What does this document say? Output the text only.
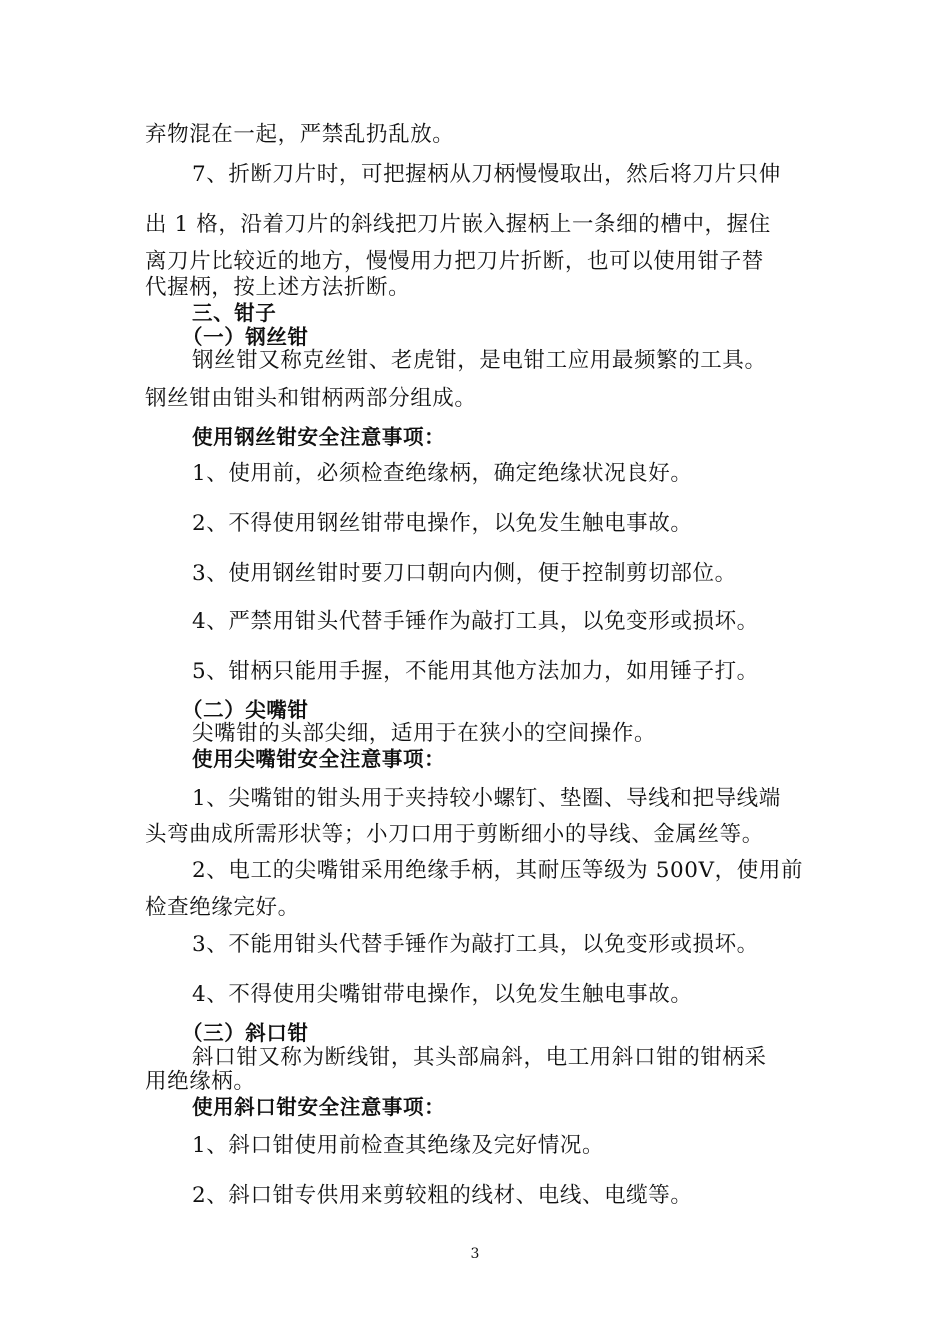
弃物混在一起，严禁乱扔乱放。
7、折断刀片时，可把握柄从刀柄慢慢取出，然后将刀片只伸
出 1 格，沿着刀片的斜线把刀片嵌入握柄上一条细的槽中，握住
离刀片比较近的地方，慢慢用力把刀片折断，也可以使用钳子替
代握柄，按上述方法折断。
三、钳子
（一）钢丝钳
钢丝钳又称克丝钳、老虎钳，是电钳工应用最频繁的工具。
钢丝钳由钳头和钳柄两部分组成。
使用钢丝钳安全注意事项：
1、使用前，必须检查绝缘柄，确定绝缘状况良好。
2、不得使用钢丝钳带电操作，以免发生触电事故。
3、使用钢丝钳时要刀口朝向内侧，便于控制剪切部位。
4、严禁用钳头代替手锤作为敲打工具，以免变形或损坏。
5、钳柄只能用手握，不能用其他方法加力，如用锤子打。
（二）尖嘴钳
尖嘴钳的头部尖细，适用于在狭小的空间操作。
使用尖嘴钳安全注意事项：
1、尖嘴钳的钳头用于夹持较小螺钉、垫圈、导线和把导线端
头弯曲成所需形状等；小刀口用于剪断细小的导线、金属丝等。
2、电工的尖嘴钳采用绝缘手柄，其耐压等级为 500V，使用前
检查绝缘完好。
3、不能用钳头代替手锤作为敲打工具，以免变形或损坏。
4、不得使用尖嘴钳带电操作，以免发生触电事故。
（三）斜口钳
斜口钳又称为断线钳，其头部扁斜，电工用斜口钳的钳柄采
用绝缘柄。
使用斜口钳安全注意事项：
1、斜口钳使用前检查其绝缘及完好情况。
2、斜口钳专供用来剪较粗的线材、电线、电缆等。
3
